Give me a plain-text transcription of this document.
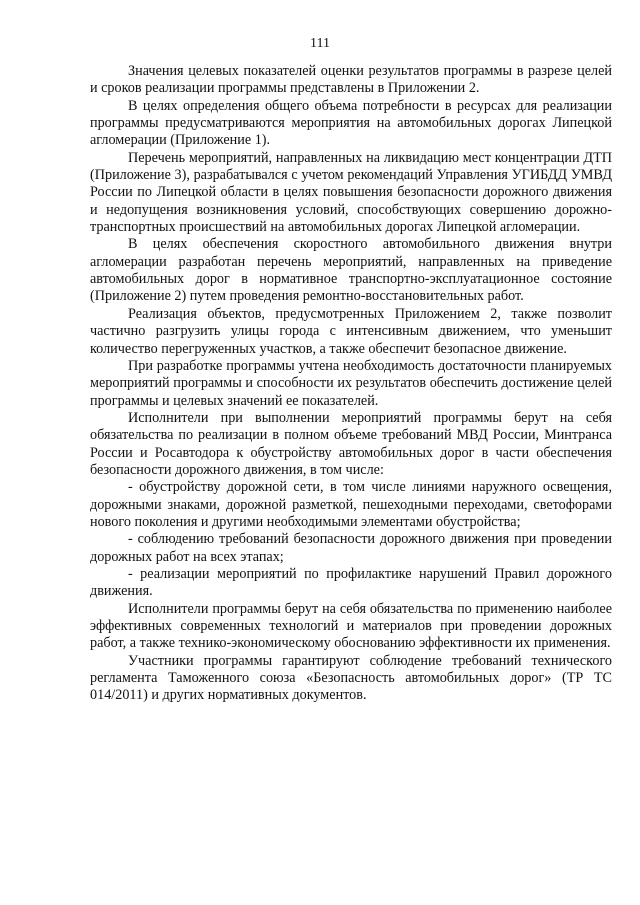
111

Значения целевых показателей оценки результатов программы в разрезе целей и сроков реализации программы представлены в Приложении 2.

В целях определения общего объема потребности в ресурсах для реализации программы предусматриваются мероприятия на автомобильных дорогах Липецкой агломерации (Приложение 1).

Перечень мероприятий, направленных на ликвидацию мест концентрации ДТП (Приложение 3), разрабатывался с учетом рекомендаций Управления УГИБДД УМВД России по Липецкой области в целях повышения безопасности дорожного движения и недопущения возникновения условий, способствующих совершению дорожно-транспортных происшествий на автомобильных дорогах Липецкой агломерации.

В целях обеспечения скоростного автомобильного движения внутри агломерации разработан перечень мероприятий, направленных на приведение автомобильных дорог в нормативное транспортно-эксплуатационное состояние (Приложение 2) путем проведения ремонтно-восстановительных работ.

Реализация объектов, предусмотренных Приложением 2, также позволит частично разгрузить улицы города с интенсивным движением, что уменьшит количество перегруженных участков, а также обеспечит безопасное движение.

При разработке программы учтена необходимость достаточности планируемых мероприятий программы и способности их результатов обеспечить достижение целей программы и целевых значений ее показателей.

Исполнители при выполнении мероприятий программы берут на себя обязательства по реализации в полном объеме требований МВД России, Минтранса России и Росавтодора к обустройству автомобильных дорог в части обеспечения безопасности дорожного движения, в том числе:

- обустройству дорожной сети, в том числе линиями наружного освещения, дорожными знаками, дорожной разметкой, пешеходными переходами, светофорами нового поколения и другими необходимыми элементами обустройства;

- соблюдению требований безопасности дорожного движения при проведении дорожных работ на всех этапах;

- реализации мероприятий по профилактике нарушений Правил дорожного движения.

Исполнители программы берут на себя обязательства по применению наиболее эффективных современных технологий и материалов при проведении дорожных работ, а также технико-экономическому обоснованию эффективности их применения.

Участники программы гарантируют соблюдение требований технического регламента Таможенного союза «Безопасность автомобильных дорог» (ТР ТС 014/2011) и других нормативных документов.
